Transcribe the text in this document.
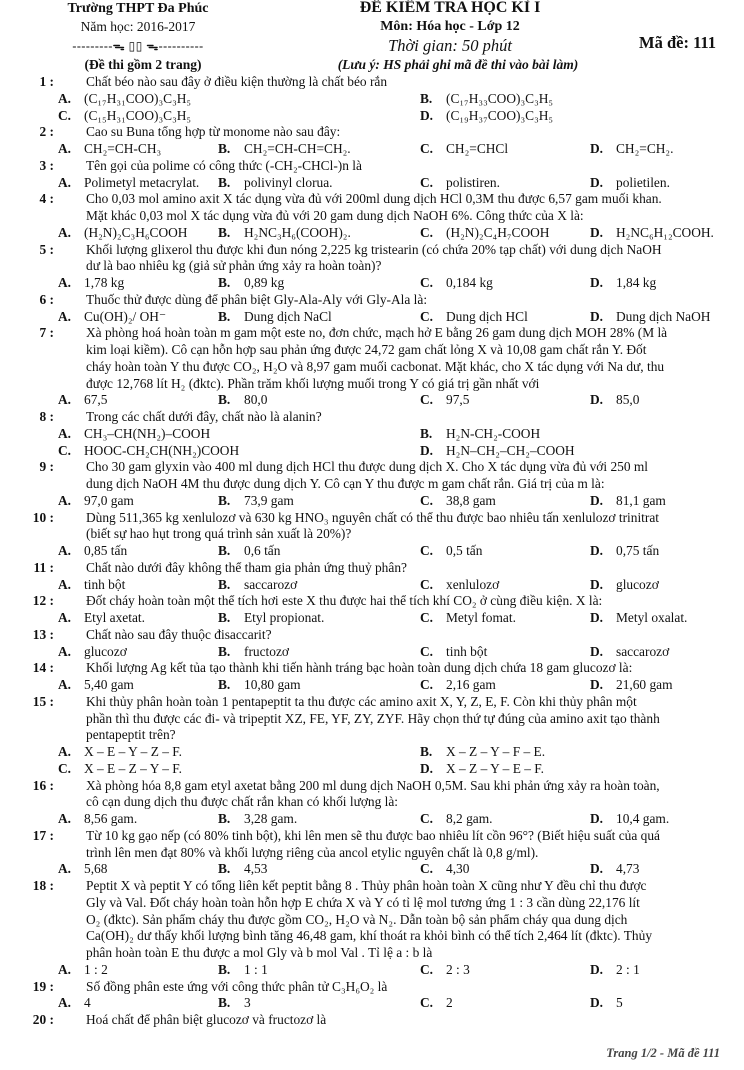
Trường THPT Đa Phúc
Năm học: 2016-2017
---------ᯓ ▯▯ ᯓ----------
(Đề thi gồm 2 trang)
ĐỀ KIỂM TRA HỌC KÌ I
Môn: Hóa học - Lớp 12
Thời gian: 50 phút
(Lưu ý: HS phải ghi mã đề thi vào bài làm)
Mã đề: 111
1 : Chất béo nào sau đây ở điều kiện thường là chất béo rắn
A. (C₁₇H₃₁COO)₃C₃H₅	B. (C₁₇H₃₃COO)₃C₃H₅
C. (C₁₅H₃₁COO)₃C₃H₅	D. (C₁₉H₃₇COO)₃C₃H₅
2 : Cao su Buna tổng hợp từ monome nào sau đây:
A. CH₂=CH-CH₃	B. CH₂=CH-CH=CH₂.	C. CH₂=CHCl	D. CH₂=CH₂.
3 : Tên gọi của polime có công thức (-CH₂-CHCl-)n là
A. Polimetyl metacrylat. B. polivinyl clorua.	C. polistiren.	D. polietilen.
4 : Cho 0,03 mol amino axit X tác dụng vừa đủ với 200ml dung dịch HCl 0,3M thu được 6,57 gam muối khan.
Mặt khác 0,03 mol X tác dụng vừa đủ với 20 gam dung dịch NaOH 6%. Công thức của X là:
A. (H₂N)₂C₃H₆COOH B. H₂NC₃H₆(COOH)₂.	C. (H₂N)₂C₄H₇COOH	D. H₂NC₆H₁₂COOH.
5 : Khối lượng glixerol thu được khi đun nóng 2,225 kg tristearin (có chứa 20% tạp chất) với dung dịch NaOH
dư là bao nhiêu kg (giả sử phản ứng xảy ra hoàn toàn)?
A. 1,78 kg	B. 0,89 kg	C. 0,184 kg	D. 1,84 kg
6 : Thuốc thử được dùng để phân biệt Gly-Ala-Aly với Gly-Ala là:
A. Cu(OH)₂/ OH⁻	B. Dung dịch NaCl	C. Dung dịch HCl	D. Dung dịch NaOH
7 : Xà phòng hoá hoàn toàn m gam một este no, đơn chức, mạch hở E bằng 26 gam dung dịch MOH 28% (M là
kim loại kiềm). Cô cạn hỗn hợp sau phản ứng được 24,72 gam chất lỏng X và 10,08 gam chất rắn Y. Đốt
cháy hoàn toàn Y thu được CO₂, H₂O và 8,97 gam muối cacbonat. Mặt khác, cho X tác dụng với Na dư, thu
được 12,768 lít H₂ (đktc). Phần trăm khối lượng muối trong Y có giá trị gần nhất với
A. 67,5	B. 80,0	C. 97,5	D. 85,0
8 : Trong các chất dưới đây, chất nào là alanin?
A. CH₃–CH(NH₂)–COOH	B. H₂N-CH₂-COOH
C. HOOC-CH₂CH(NH₂)COOH	D. H₂N–CH₂–CH₂–COOH
9 : Cho 30 gam glyxin vào 400 ml dung dịch HCl thu được dung dịch X. Cho X tác dụng vừa đủ với 250 ml
dung dịch NaOH 4M thu được dung dịch Y. Cô cạn Y thu được m gam chất rắn. Giá trị của m là:
A. 97,0 gam	B. 73,9 gam	C. 38,8 gam	D. 81,1 gam
10 : Dùng 511,365 kg xenlulozơ và 630 kg HNO₃ nguyên chất có thể thu được bao nhiêu tấn xenlulozơ trinitrat
(biết sự hao hụt trong quá trình sản xuất là 20%)?
A. 0,85 tấn	B. 0,6 tấn	C. 0,5 tấn	D. 0,75 tấn
11 : Chất nào dưới đây không thể tham gia phản ứng thuỷ phân?
A. tinh bột	B. saccarozơ	C. xenlulozơ	D. glucozơ
12 : Đốt cháy hoàn toàn một thể tích hơi este X thu được hai thể tích khí CO₂ ở cùng điều kiện. X là:
A. Etyl axetat.	B. Etyl propionat.	C. Metyl fomat.	D. Metyl oxalat.
13 : Chất nào sau đây thuộc đisaccarit?
A. glucozơ	B. fructozơ	C. tinh bột	D. saccarozơ
14 : Khối lượng Ag kết tủa tạo thành khi tiến hành tráng bạc hoàn toàn dung dịch chứa 18 gam glucozơ là:
A. 5,40 gam	B. 10,80 gam	C. 2,16 gam	D. 21,60 gam
15 : Khi thủy phân hoàn toàn 1 pentapeptit ta thu được các amino axit X, Y, Z, E, F. Còn khi thủy phân một
phần thì thu được các đi- và tripeptit XZ, FE, YF, ZY, ZYF. Hãy chọn thứ tự đúng của amino axit tạo thành
pentapeptit trên?
A. X – E – Y – Z – F.	B. X – Z – Y – F – E.
C. X – E – Z – Y – F.	D. X – Z – Y – E – F.
16 : Xà phòng hóa 8,8 gam etyl axetat bằng 200 ml dung dịch NaOH 0,5M. Sau khi phản ứng xảy ra hoàn toàn,
cô cạn dung dịch thu được chất rắn khan có khối lượng là:
A. 8,56 gam.	B. 3,28 gam.	C. 8,2 gam.	D. 10,4 gam.
17 : Từ 10 kg gạo nếp (có 80% tinh bột), khi lên men sẽ thu được bao nhiêu lít cồn 96°? (Biết hiệu suất của quá
trình lên men đạt 80% và khối lượng riêng của ancol etylic nguyên chất là 0,8 g/ml).
A. 5,68	B. 4,53	C. 4,30	D. 4,73
18 : Peptit X và peptit Y có tổng liên kết peptit bằng 8 . Thủy phân hoàn toàn X cũng như Y đều chỉ thu được
Gly và Val. Đốt cháy hoàn toàn hỗn hợp E chứa X và Y có tỉ lệ mol tương ứng 1 : 3 cần dùng 22,176 lít
O₂ (đktc). Sản phẩm cháy thu được gồm CO₂, H₂O và N₂. Dẫn toàn bộ sản phẩm cháy qua dung dịch
Ca(OH)₂ dư thấy khối lượng bình tăng 46,48 gam, khí thoát ra khỏi bình có thể tích 2,464 lít (đktc). Thủy
phân hoàn toàn E thu được a mol Gly và b mol Val . Tỉ lệ a : b là
A. 1 : 2	B. 1 : 1	C. 2 : 3	D. 2 : 1
19 : Số đồng phân este ứng với công thức phân tử C₃H₆O₂ là
A. 4	B. 3	C. 2	D. 5
20 : Hoá chất để phân biệt glucozơ và fructozơ là
Trang 1/2 - Mã đề 111
